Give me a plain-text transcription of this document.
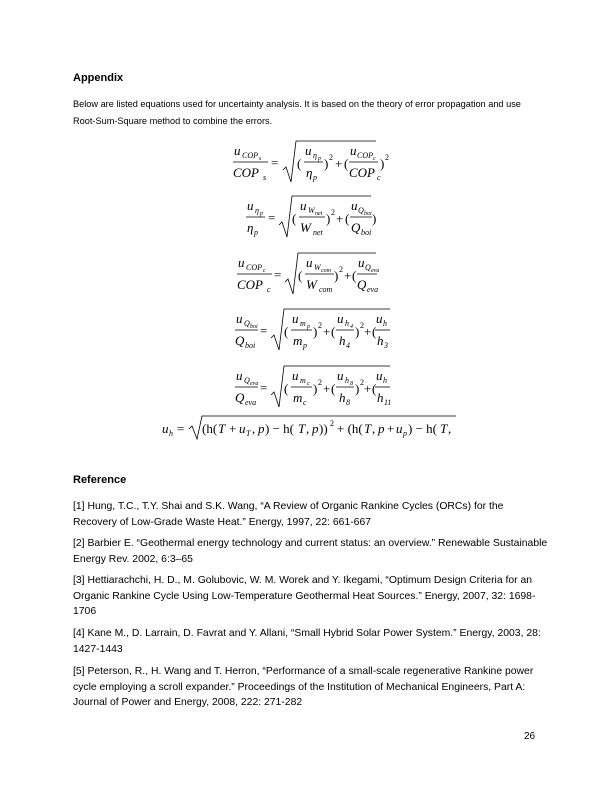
Appendix
Below are listed equations used for uncertainty analysis. It is based on the theory of error propagation and use Root-Sum-Square method to combine the errors.
u COP s
COP s
= (
u η p
η p
) 2 + (
u COP c
COP c
) 2
u η p
η p
= (
u W net
W net
) 2 + (
u Q boi
Q boi
)
u COP c
COP c
= (
u W com
W com
) 2 + (
u Q eva
Q eva
u Q boi
Q boi
= (
u m p
m p
) 2 + (
u h 4
h 4
) 2 + (
u h
h 3
u Q eva
Q eva
= (
u m c
m c
) 2 + (
u h 8
h 8
) 2 + (
u h
h 11
u h = (h( T + u T , p ) − h( T , p )) 2 + (h( T , p + u p ) − h( T ,
Reference
[1] Hung, T.C., T.Y. Shai and S.K. Wang, “A Review of Organic Rankine Cycles (ORCs) for the Recovery of Low-Grade Waste Heat.” Energy, 1997, 22: 661-667
[2] Barbier E. “Geothermal energy technology and current status: an overview.” Renewable Sustainable Energy Rev. 2002, 6:3–65
[3] Hettiarachchi, H. D., M. Golubovic, W. M. Worek and Y. Ikegami, “Optimum Design Criteria for an Organic Rankine Cycle Using Low-Temperature Geothermal Heat Sources.” Energy, 2007, 32: 1698-1706
[4] Kane M., D. Larrain, D. Favrat and Y. Allani, “Small Hybrid Solar Power System.” Energy, 2003, 28: 1427-1443
[5] Peterson, R., H. Wang and T. Herron, “Performance of a small-scale regenerative Rankine power cycle employing a scroll expander.” Proceedings of the Institution of Mechanical Engineers, Part A: Journal of Power and Energy, 2008, 222: 271-282
26
